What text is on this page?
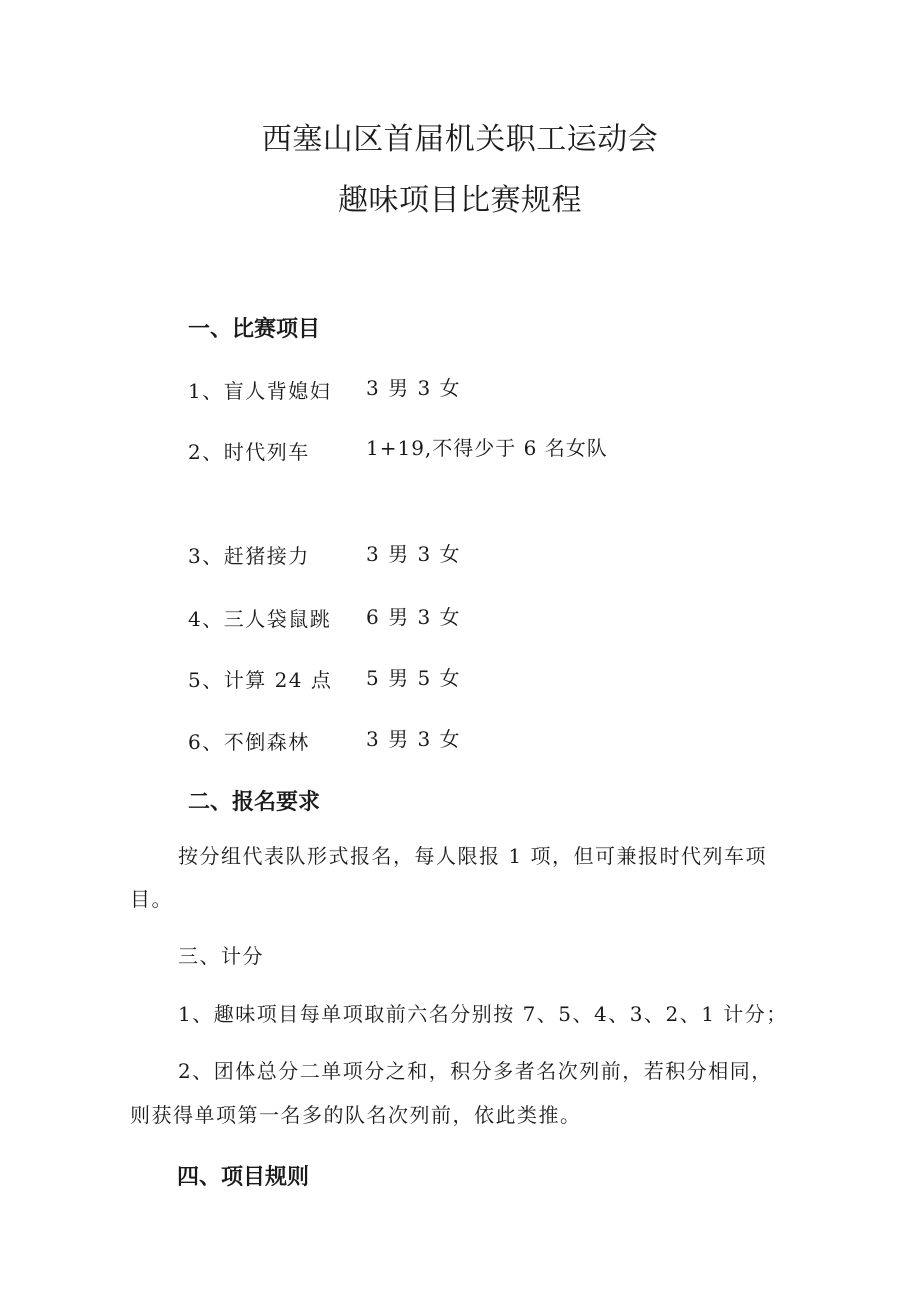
西塞山区首届机关职工运动会
趣味项目比赛规程
一、比赛项目
1、盲人背媳妇 3 男 3 女
2、时代列车	1+19,不得少于 6 名女队
3、赶猪接力	3 男 3 女
4、三人袋鼠跳 6 男 3 女
5、计算 24 点 5 男 5 女
6、不倒森林	3 男 3 女
二、报名要求
按分组代表队形式报名，每人限报 1 项，但可兼报时代列车项
目。
三、计分
1、趣味项目每单项取前六名分别按 7、5、4、3、2、1 计分；
2、团体总分二单项分之和，积分多者名次列前，若积分相同，
则获得单项第一名多的队名次列前，依此类推。
四、项目规则
